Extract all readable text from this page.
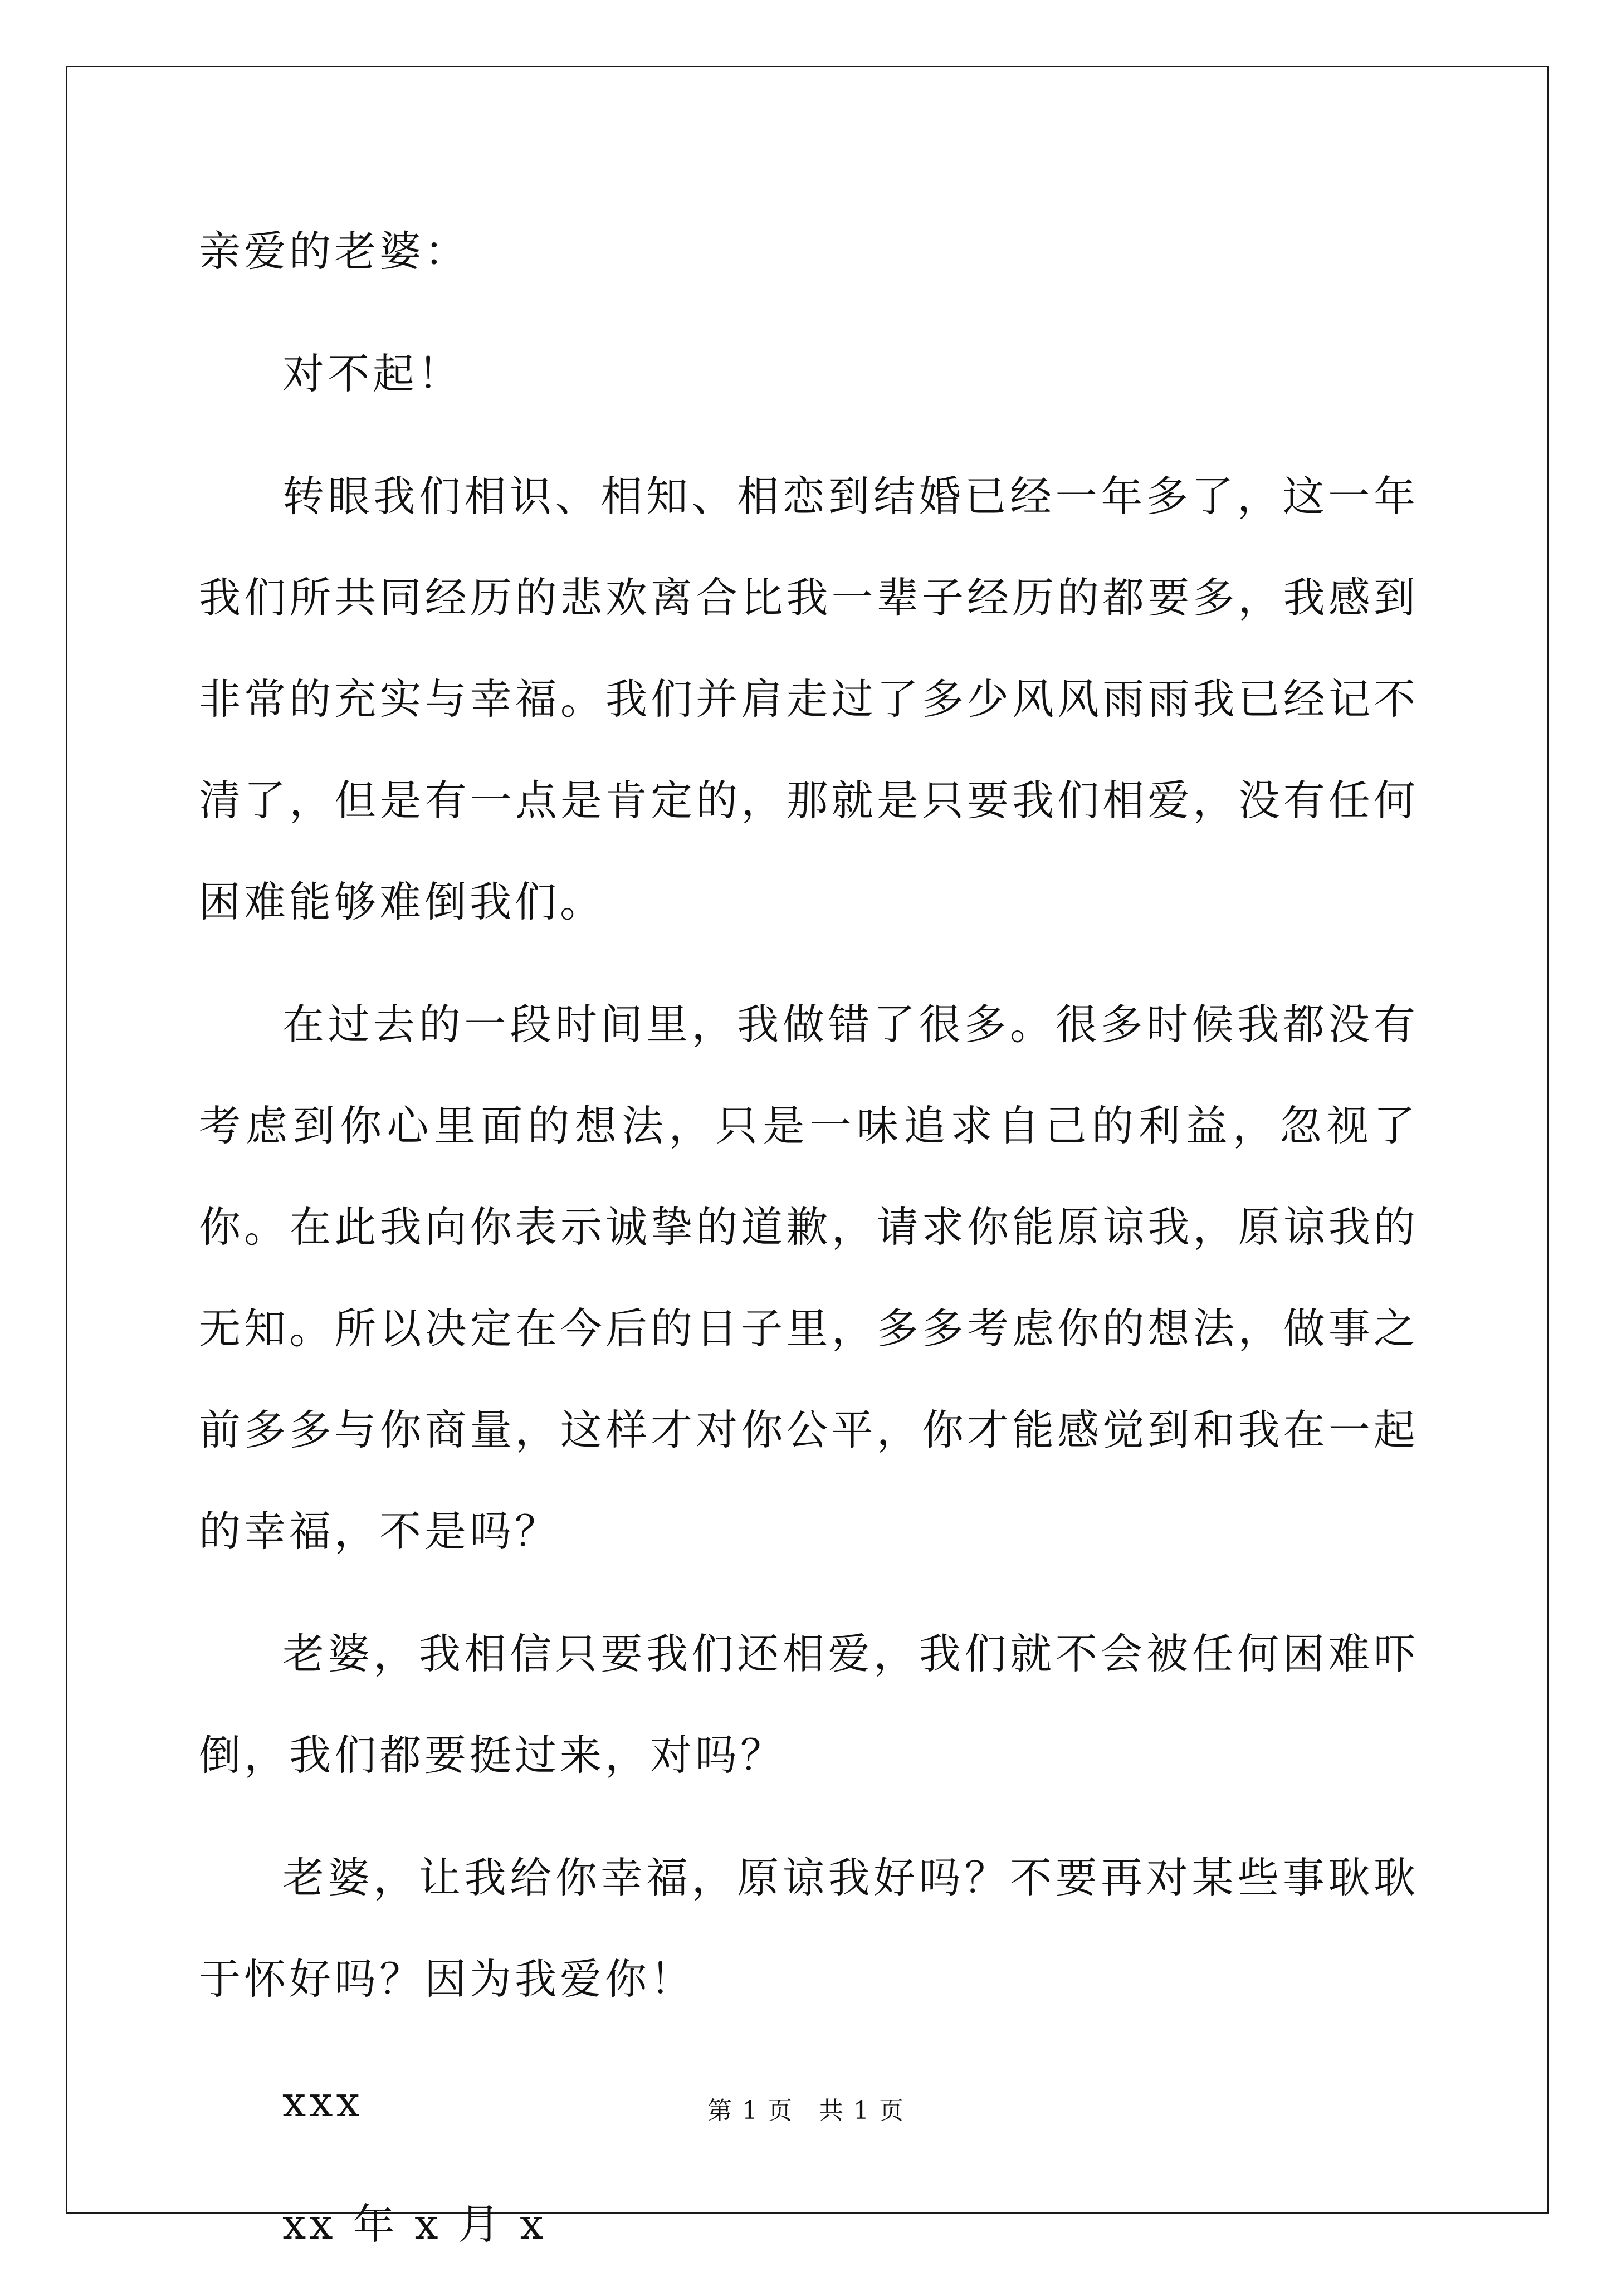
亲爱的老婆：

对不起！

转眼我们相识、相知、相恋到结婚已经一年多了，这一年我们所共同经历的悲欢离合比我一辈子经历的都要多，我感到非常的充实与幸福。我们并肩走过了多少风风雨雨我已经记不清了，但是有一点是肯定的，那就是只要我们相爱，没有任何困难能够难倒我们。

在过去的一段时间里，我做错了很多。很多时候我都没有考虑到你心里面的想法，只是一味追求自己的利益，忽视了你。在此我向你表示诚挚的道歉，请求你能原谅我，原谅我的无知。所以决定在今后的日子里，多多考虑你的想法，做事之前多多与你商量，这样才对你公平，你才能感觉到和我在一起的幸福，不是吗？

老婆，我相信只要我们还相爱，我们就不会被任何困难吓倒，我们都要挺过来，对吗？

老婆，让我给你幸福，原谅我好吗？不要再对某些事耿耿于怀好吗？因为我爱你！

xxx

xx 年 x 月 x

第 1 页　共 1 页
